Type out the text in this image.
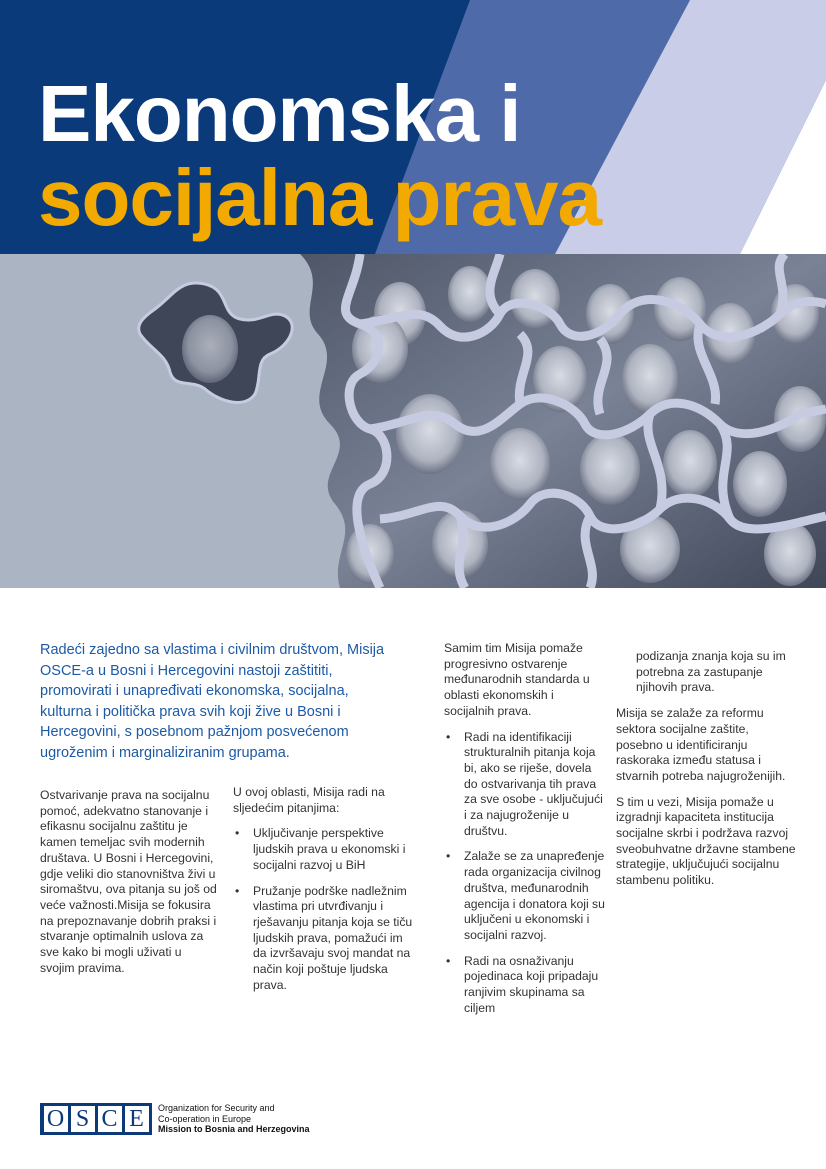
Ekonomska i
socijalna prava

Radeći zajedno sa vlastima i civilnim društvom, Misija OSCE-a u Bosni i Hercegovini nastoji zaštititi, promovirati i unapređivati ekonomska, socijalna, kulturna i politička prava svih koji žive u Bosni i Hercegovini, s posebnom pažnjom posvećenom ugroženim i marginaliziranim grupama.

Ostvarivanje prava na socijalnu pomoć, adekvatno stanovanje i efikasnu socijalnu zaštitu je kamen temeljac svih modernih društava. U Bosni i Hercegovini, gdje veliki dio stanovništva živi u siromaštvu, ova pitanja su još od veće važnosti.Misija se fokusira na prepoznavanje dobrih praksi i stvaranje optimalnih uslova za sve kako bi mogli uživati u svojim pravima.

U ovoj oblasti, Misija radi na sljedećim pitanjima:

• Uključivanje perspektive ljudskih prava u ekonomski i socijalni razvoj u BiH
• Pružanje podrške nadležnim vlastima pri utvrđivanju i rješavanju pitanja koja se tiču ljudskih prava, pomažući im da izvršavaju svoj mandat na način koji poštuje ljudska prava.

Samim tim Misija pomaže progresivno ostvarenje međunarodnih standarda u oblasti ekonomskih i socijalnih prava.

• Radi na identifikaciji strukturalnih pitanja koja bi, ako se riješe, dovela do ostvarivanja tih prava za sve osobe - uključujući i za najugroženije u društvu.
• Zalaže se za unapređenje rada organizacija civilnog društva, međunarodnih agencija i donatora koji su uključeni u ekonomski i socijalni razvoj.
• Radi na osnaživanju pojedinaca koji pripadaju ranjivim skupinama sa ciljem

podizanja znanja koja su im potrebna za zastupanje njihovih prava.

Misija se zalaže za reformu sektora socijalne zaštite, posebno u identificiranju raskoraka između statusa i stvarnih potreba najugroženijih.

S tim u vezi, Misija pomaže u izgradnji kapaciteta institucija socijalne skrbi i podržava razvoj sveobuhvatne državne stambene strategije, uključujući socijalnu stambenu politiku.

O S C E	Organization for Security and
Co-operation in Europe
Mission to Bosnia and Herzegovina
